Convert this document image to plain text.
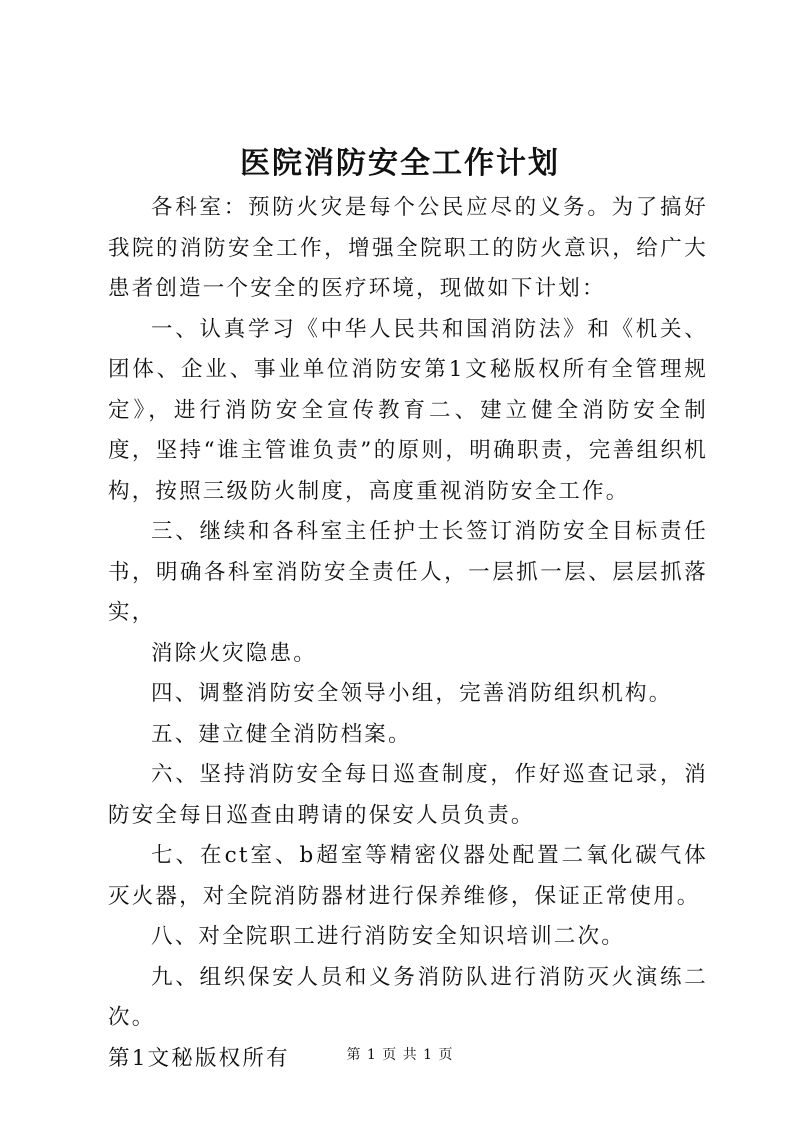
医院消防安全工作计划

各科室：预防火灾是每个公民应尽的义务。为了搞好我院的消防安全工作，增强全院职工的防火意识，给广大患者创造一个安全的医疗环境，现做如下计划：

一、认真学习《中华人民共和国消防法》和《机关、团体、企业、事业单位消防安第1文秘版权所有全管理规定》，进行消防安全宣传教育二、建立健全消防安全制度，坚持“谁主管谁负责”的原则，明确职责，完善组织机构，按照三级防火制度，高度重视消防安全工作。

三、继续和各科室主任护士长签订消防安全目标责任书，明确各科室消防安全责任人，一层抓一层、层层抓落实，

消除火灾隐患。

四、调整消防安全领导小组，完善消防组织机构。

五、建立健全消防档案。

六、坚持消防安全每日巡查制度，作好巡查记录，消防安全每日巡查由聘请的保安人员负责。

七、在ct室、b超室等精密仪器处配置二氧化碳气体灭火器，对全院消防器材进行保养维修，保证正常使用。

八、对全院职工进行消防安全知识培训二次。

九、组织保安人员和义务消防队进行消防灭火演练二次。

第1文秘版权所有	第 1 页 共 1 页
